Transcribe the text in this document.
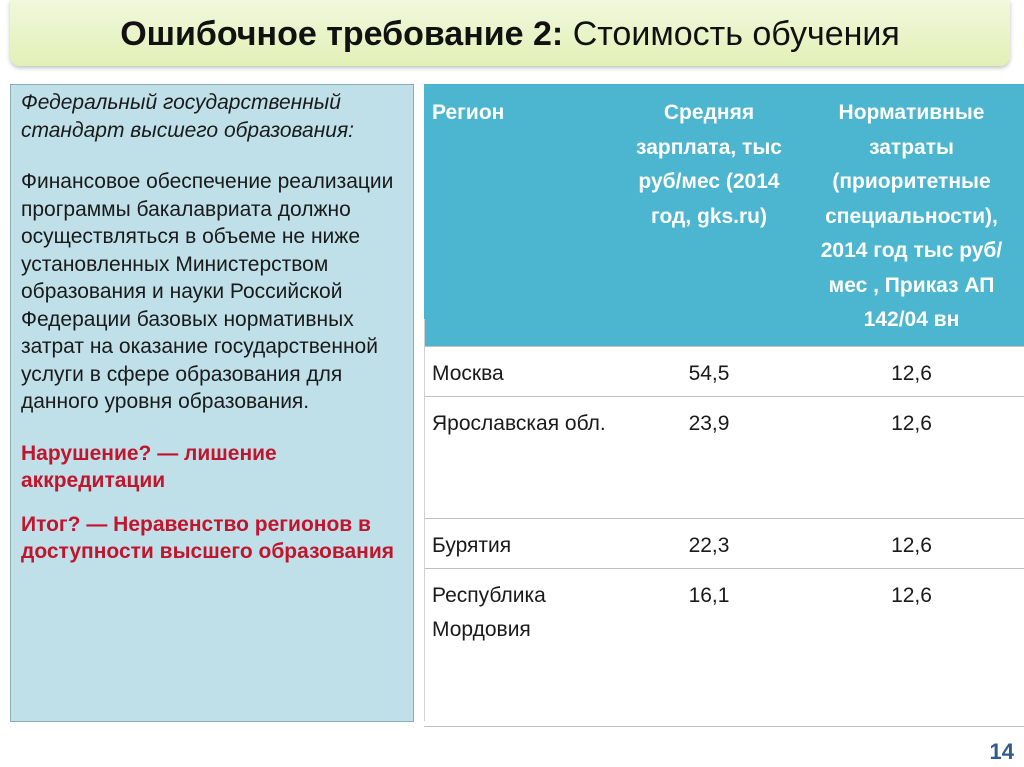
Ошибочное требование 2: Стоимость обучения

Федеральный государственный стандарт высшего образования:

Финансовое обеспечение реализации программы бакалавриата должно осуществляться в объеме не ниже установленных Министерством образования и науки Российской Федерации базовых нормативных затрат на оказание государственной услуги в сфере образования для данного уровня образования.

Нарушение? — лишение аккредитации

Итог? — Неравенство регионов в доступности высшего образования

Регион	Средняя зарплата, тыс руб/мес (2014 год, gks.ru)	Нормативные затраты (приоритетные специальности), 2014 год тыс руб/мес , Приказ АП 142/04 вн
Москва	54,5	12,6
Ярославская обл.	23,9	12,6
Бурятия	22,3	12,6
Республика Мордовия	16,1	12,6
14
